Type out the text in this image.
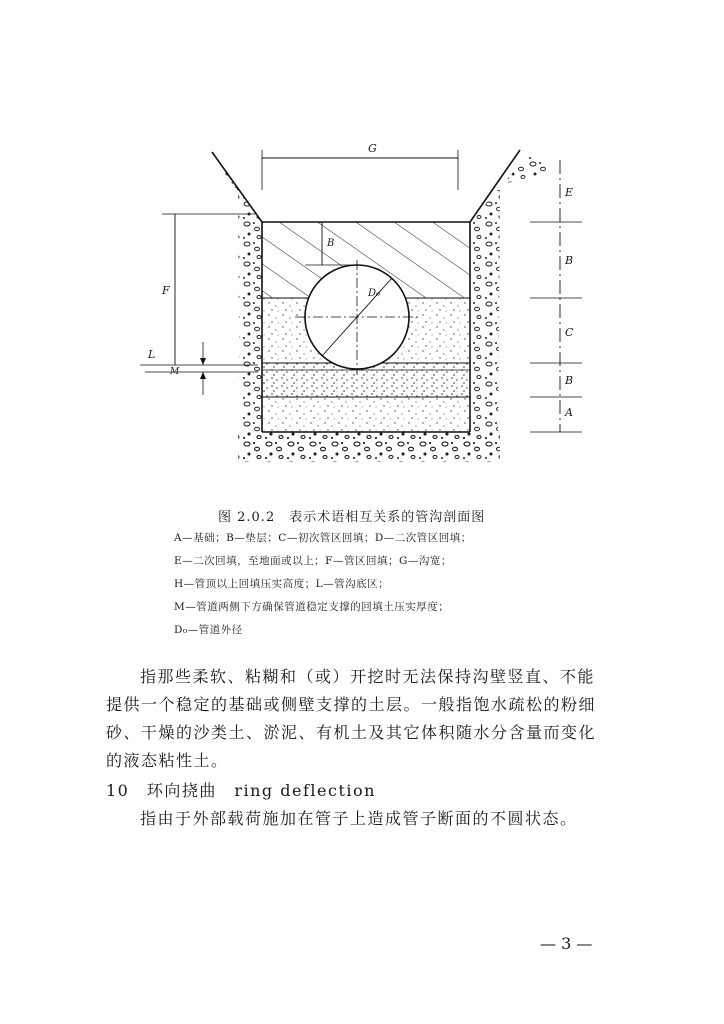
D₀
G
B
E
B
C
B
A
F
L
M
图 2.0.2　表示术语相互关系的管沟剖面图
A—基础；B—垫层；C—初次管区回填；D—二次管区回填；
E—二次回填，至地面或以上；F—管区回填；G—沟宽；
H—管顶以上回填压实高度；L—管沟底区；
M—管道两侧下方确保管道稳定支撑的回填土压实厚度；
D₀—管道外径
指那些柔软、粘糊和（或）开挖时无法保持沟壁竖直、不能
提供一个稳定的基础或侧壁支撑的土层。一般指饱水疏松的粉细
砂、干燥的沙类土、淤泥、有机土及其它体积随水分含量而变化
的液态粘性土。
10　环向挠曲　ring deflection
指由于外部载荷施加在管子上造成管子断面的不圆状态。
— 3 —
